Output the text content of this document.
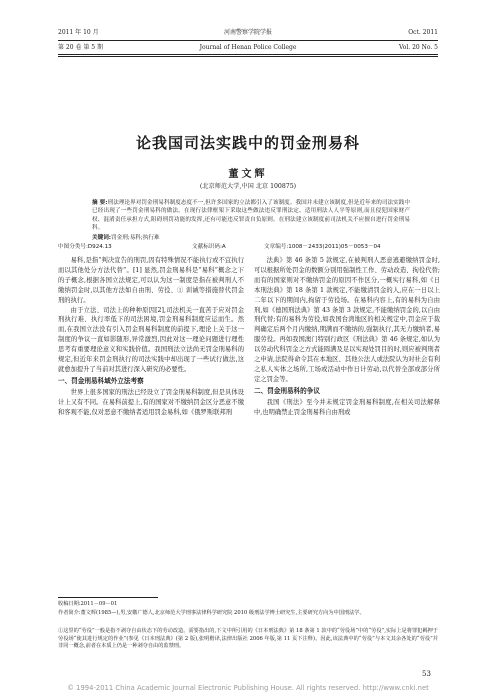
2011 年 10 月	河南警察学院学报	Oct. 2011
第 20 卷 第 5 期	Journal of Henan Police College	Vol. 20 No. 5
论我国司法实践中的罚金刑易科
董文辉
(北京师范大学,中国 北京 100875)
摘 要:刑法理论界对罚金刑易科制度态度不一,但许多国家的立法都引入了该制度。我国并未建立该制度,但是近年来的司法实践中已经出现了一些罚金刑易科的做法。在现行法律框架下采取这些做法违反罪刑法定、适用刑法人人平等原则,而且侵犯国家财产权、混淆责任承担方式,阻碍刑罚功能的发挥,还有可能违反罪责自负原则。在刑法建立该制度前司法机关不应擅自进行罚金刑易科。
关键词:罚金刑;易科;执行难
中图分类号:D924.13	文献标识码:A	文章编号:1008－2433(2011)05－0053－04

易科,是指“判决宣告的刑罚,因有特殊情况不能执行或不宜执行而以其他处分方法代替”。[1] 显然,罚金刑易科是“易科”概念之下的子概念,根据各国立法规定,可以认为这一制度是指在被判刑人不缴纳罚金时,以其他方法如自由刑、劳役、① 训诫等措施替代罚金刑的执行。

由于立法、司法上的种种原因[2],司法机关一直苦于应对罚金刑执行难、执行率低下的司法困境,罚金刑易科制度应运而生。然而,在我国立法没有引入罚金刑易科制度的前提下,理论上关于这一制度的争议一直如影随形,异常激烈,因此对这一理论问题进行理性思考有重要理论意义和实践价值。我国刑法立法尚无罚金刑易科的规定,但近年来罚金刑执行的司法实践中却出现了一些试行做法,这就愈加提升了当前对其进行深入研究的必要性。

一、罚金刑易科域外立法考察

世界上很多国家的刑法已经设立了罚金刑易科制度,但是具体设计上又有不同。在易科前提上,有的国家对不缴纳罚金区分恶意不缴和客观不能,仅对恶意不缴纳者适用罚金易科,如《俄罗斯联邦刑

法典》第 46 条第 5 款规定,在被判刑人恶意逃避缴纳罚金时,可以根据所处罚金的数额分别用强制性工作、劳动改造、拘役代替;而有的国家则对不缴纳罚金的原因不作区分,一概实行易科,如《日本刑法典》第 18 条第 1 款规定,不能缴清罚金的人,应在一日以上二年以下的期间内,拘留于劳役场。在易科内容上,有的易科为自由刑,如《德国刑法典》第 43 条第 3 款规定,不能缴纳罚金的,以自由刑代替;有的易科为劳役,如我国台湾地区的相关规定中,罚金应于裁判确定后两个月内缴纳,期满而不缴纳的,强制执行,其无力缴纳者,易服劳役。再如我国澳门特别行政区《刑法典》第 46 条规定,如认为以劳动代科罚金之方式能圆满及足以实现处罚目的时,则应被判刑者之申请,法院得命令其在本地区、其他公法人或法院认为对社会有利之私人实体之场所,工场或活动中作日计劳动,以代替全部或部分所定之罚金等。

二、罚金刑易科的争议

我国《刑法》至今并未规定罚金刑易科制度,在相关司法解释中,也明确禁止罚金刑易科自由刑或

收稿日期:2011－09－01
作者简介:董文辉(1985—),男,安徽广德人,北京师范大学刑事法律科学研究院 2010 级刑法学博士研究生,主要研究方向为中国刑法学。
①这里的“劳役”一般是指不剥夺自由状态下的劳动改造。需要指出的,下文中所引用的《日本刑法典》第 18 条第 1 款中的“劳役场”中的“劳役”,实际上是将罪犯羁押于劳役场“使其进行规定的作业”(参见《日本刑法典》(第 2 版),张明楷译,法律出版社 2006 年版,第 11 页下注释)。因此,该法典中的“劳役”与本文其余各处的“劳役”并非同一概念,前者在本质上仍是一种剥夺自由的监禁刑。
53
© 1994-2011 China Academic Journal Electronic Publishing House. All rights reserved. http://www.cnki.net
